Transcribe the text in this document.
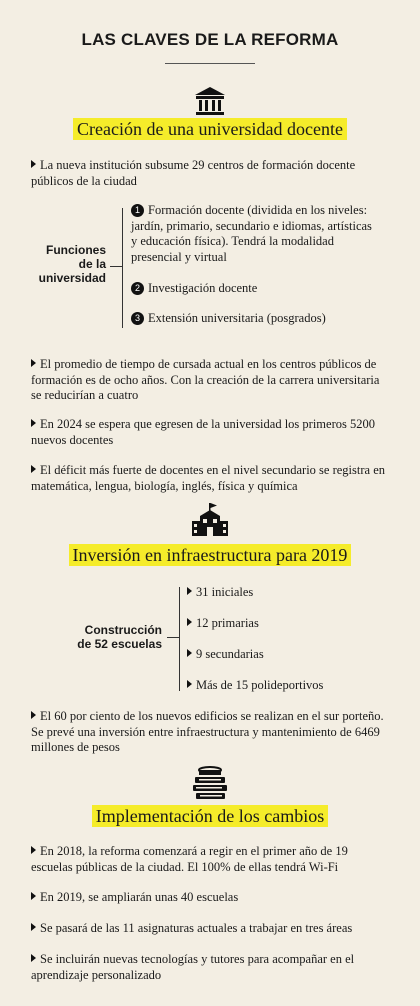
LAS CLAVES DE LA REFORMA
Creación de una universidad docente
La nueva institución subsume 29 centros de formación docente públicos de la ciudad
Funciones
de la
universidad
1 Formación docente (dividida en los niveles: jardín, primario, secundario e idiomas, artísticas y educación física). Tendrá la modalidad presencial y virtual
2 Investigación docente
3 Extensión universitaria (posgrados)
El promedio de tiempo de cursada actual en los centros públicos de formación es de ocho años. Con la creación de la carrera universitaria se reducirían a cuatro
En 2024 se espera que egresen de la universidad los primeros 5200 nuevos docentes
El déficit más fuerte de docentes en el nivel secundario se registra en matemática, lengua, biología, inglés, física y química
Inversión en infraestructura para 2019
Construcción
de 52 escuelas
31 iniciales
12 primarias
9 secundarias
Más de 15 polideportivos
El 60 por ciento de los nuevos edificios se realizan en el sur porteño. Se prevé una inversión entre infraestructura y mantenimiento de 6469 millones de pesos
Implementación de los cambios
En 2018, la reforma comenzará a regir en el primer año de 19 escuelas públicas de la ciudad. El 100% de ellas tendrá Wi-Fi
En 2019, se ampliarán unas 40 escuelas
Se pasará de las 11 asignaturas actuales a trabajar en tres áreas
Se incluirán nuevas tecnologías y tutores para acompañar en el aprendizaje personalizado
